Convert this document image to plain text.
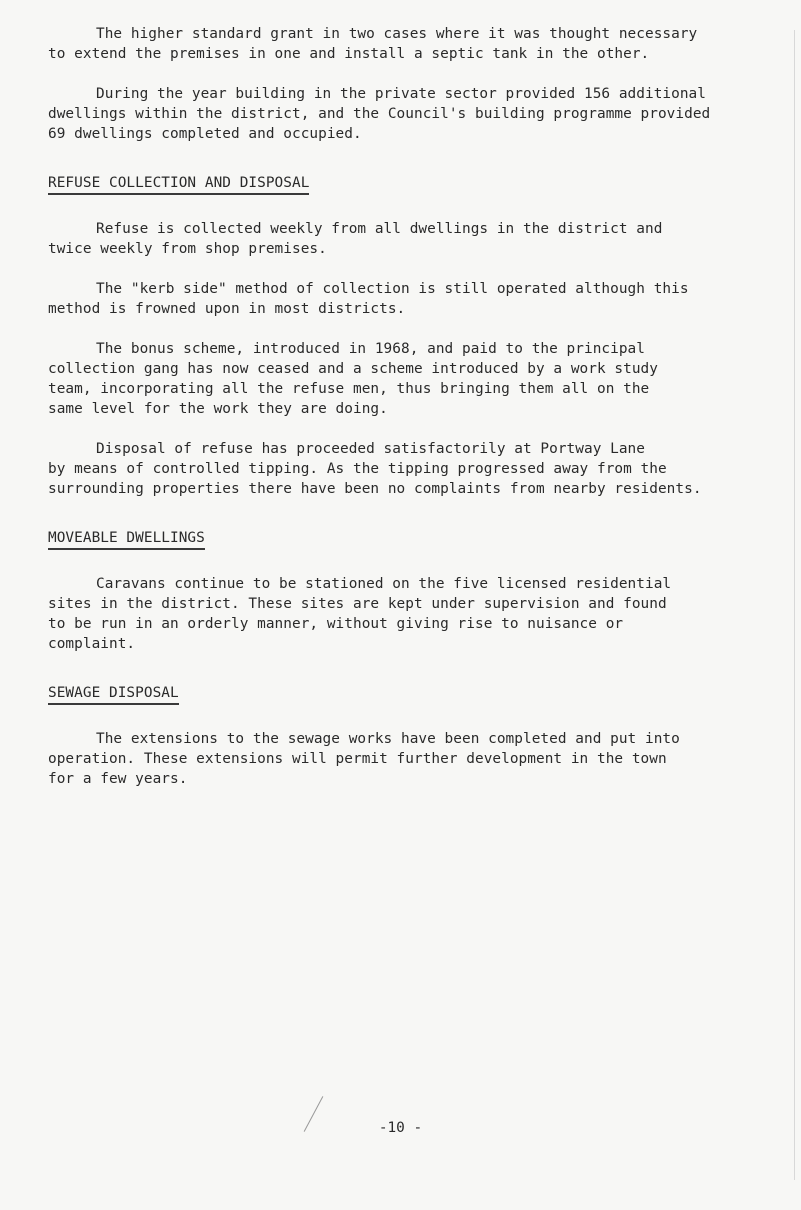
The higher standard grant in two cases where it was thought necessary
to extend the premises in one and install a septic tank in the other.

During the year building in the private sector provided 156 additional
dwellings within the district, and the Council's building programme provided
69 dwellings completed and occupied.

REFUSE COLLECTION AND DISPOSAL

Refuse is collected weekly from all dwellings in the district and
twice weekly from shop premises.

The "kerb side" method of collection is still operated although this
method is frowned upon in most districts.

The bonus scheme, introduced in 1968, and paid to the principal
collection gang has now ceased and a scheme introduced by a work study
team, incorporating all the refuse men, thus bringing them all on the
same level for the work they are doing.

Disposal of refuse has proceeded satisfactorily at Portway Lane
by means of controlled tipping. As the tipping progressed away from the
surrounding properties there have been no complaints from nearby residents.

MOVEABLE DWELLINGS

Caravans continue to be stationed on the five licensed residential
sites in the district. These sites are kept under supervision and found
to be run in an orderly manner, without giving rise to nuisance or
complaint.

SEWAGE DISPOSAL

The extensions to the sewage works have been completed and put into
operation. These extensions will permit further development in the town
for a few years.

-10 -
